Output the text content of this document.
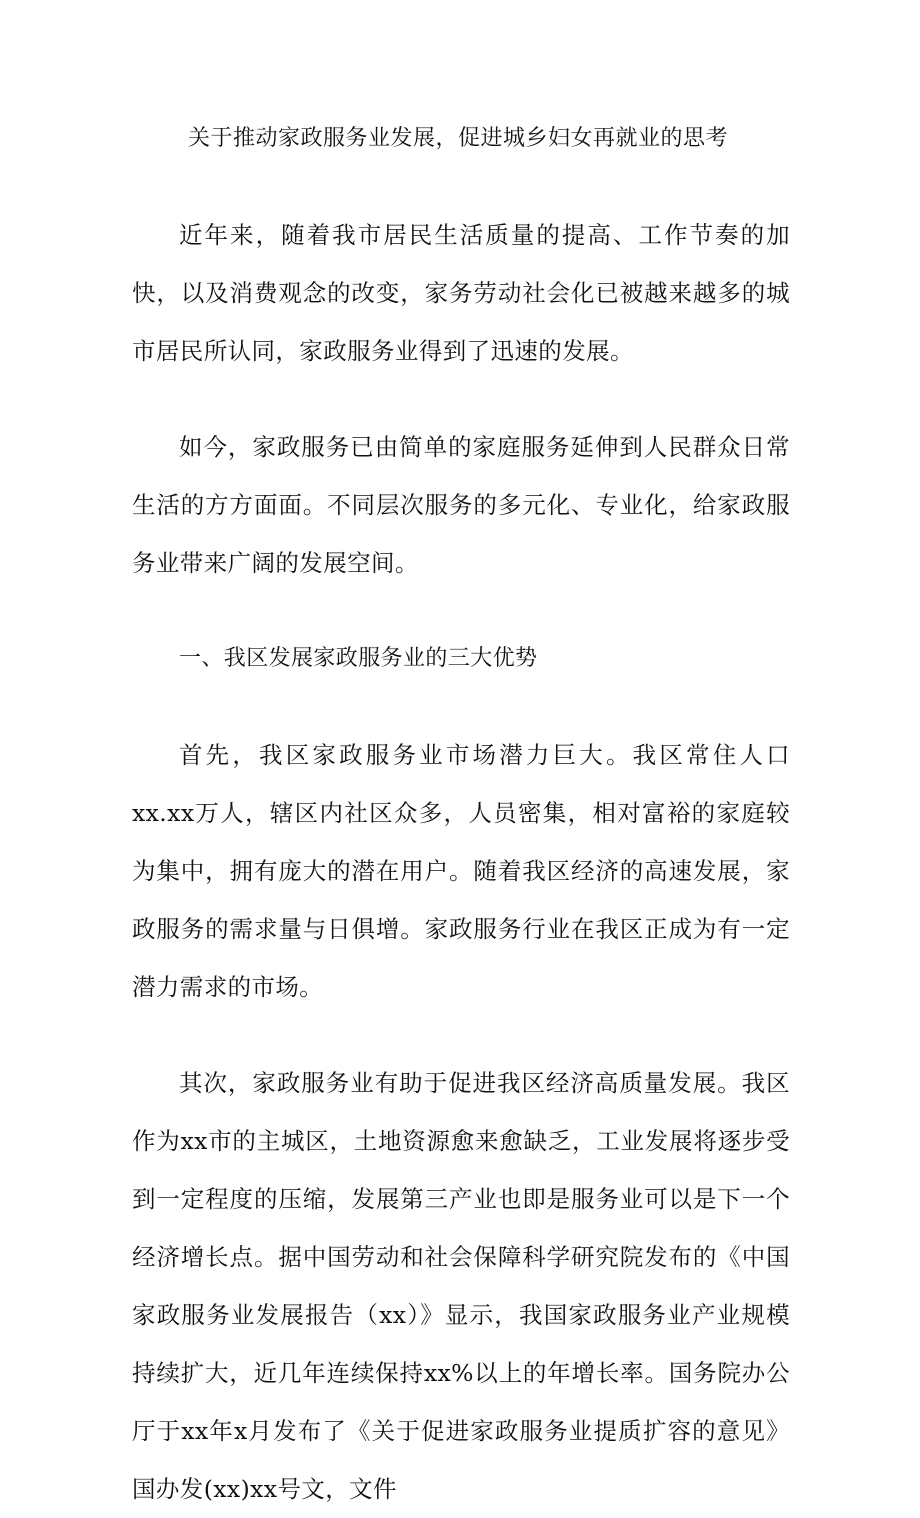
关于推动家政服务业发展，促进城乡妇女再就业的思考

近年来，随着我市居民生活质量的提高、工作节奏的加快，以及消费观念的改变，家务劳动社会化已被越来越多的城市居民所认同，家政服务业得到了迅速的发展。

如今，家政服务已由简单的家庭服务延伸到人民群众日常生活的方方面面。不同层次服务的多元化、专业化，给家政服务业带来广阔的发展空间。

一、我区发展家政服务业的三大优势

首先，我区家政服务业市场潜力巨大。我区常住人口xx.xx万人，辖区内社区众多，人员密集，相对富裕的家庭较为集中，拥有庞大的潜在用户。随着我区经济的高速发展，家政服务的需求量与日俱增。家政服务行业在我区正成为有一定潜力需求的市场。

其次，家政服务业有助于促进我区经济高质量发展。我区作为xx市的主城区，土地资源愈来愈缺乏，工业发展将逐步受到一定程度的压缩，发展第三产业也即是服务业可以是下一个经济增长点。据中国劳动和社会保障科学研究院发布的《中国家政服务业发展报告（xx）》显示，我国家政服务业产业规模持续扩大，近几年连续保持xx%以上的年增长率。国务院办公厅于xx年x月发布了《关于促进家政服务业提质扩容的意见》国办发(xx)xx号文，文件
